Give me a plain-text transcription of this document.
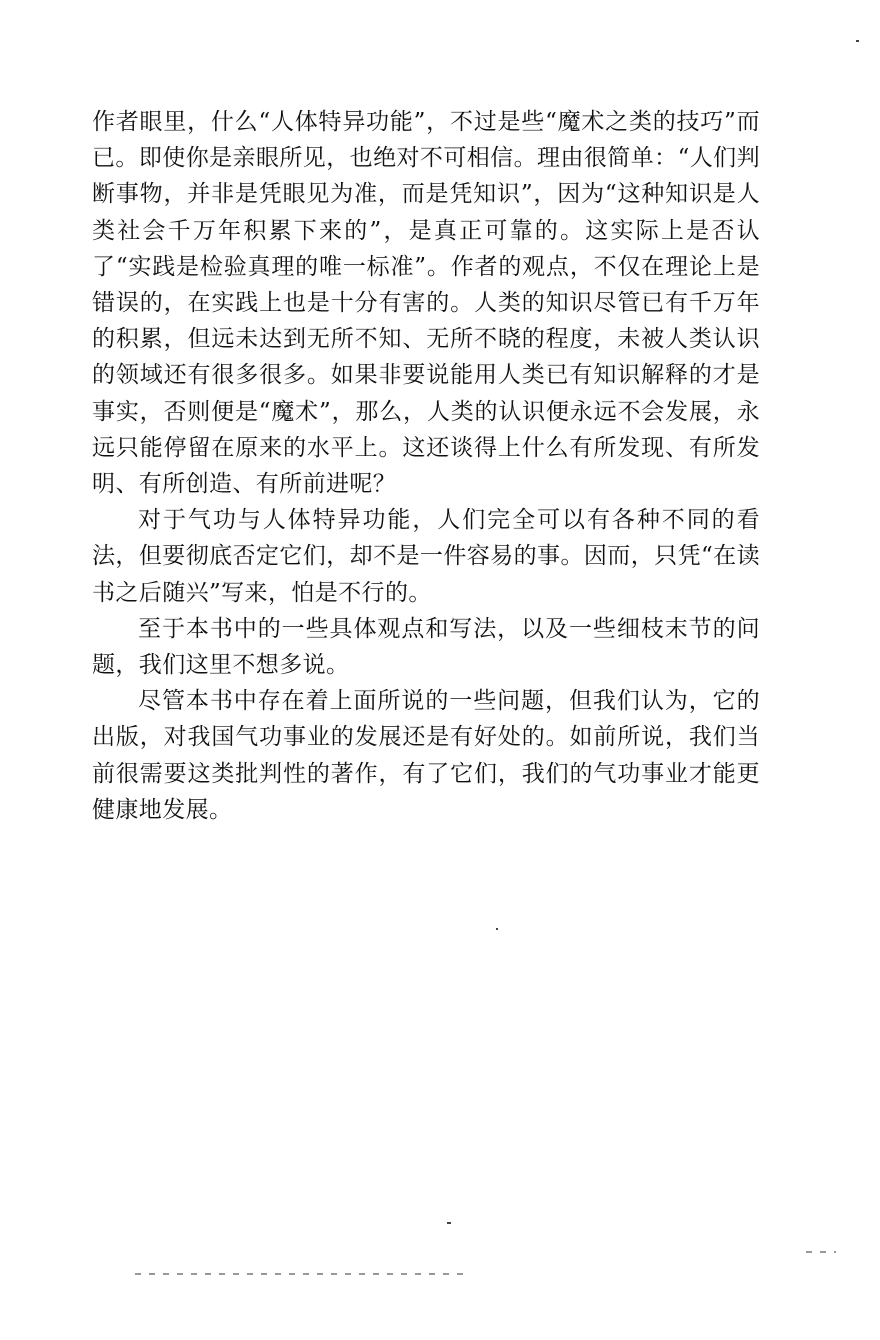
作者眼里，什么“人体特异功能”，不过是些“魔术之类的技巧”而已。即使你是亲眼所见，也绝对不可相信。理由很简单：“人们判断事物，并非是凭眼见为准，而是凭知识”，因为“这种知识是人类社会千万年积累下来的”，是真正可靠的。这实际上是否认了“实践是检验真理的唯一标准”。作者的观点，不仅在理论上是错误的，在实践上也是十分有害的。人类的知识尽管已有千万年的积累，但远未达到无所不知、无所不晓的程度，未被人类认识的领域还有很多很多。如果非要说能用人类已有知识解释的才是事实，否则便是“魔术”，那么，人类的认识便永远不会发展，永远只能停留在原来的水平上。这还谈得上什么有所发现、有所发明、有所创造、有所前进呢？

对于气功与人体特异功能，人们完全可以有各种不同的看法，但要彻底否定它们，却不是一件容易的事。因而，只凭“在读书之后随兴”写来，怕是不行的。

至于本书中的一些具体观点和写法，以及一些细枝末节的问题，我们这里不想多说。

尽管本书中存在着上面所说的一些问题，但我们认为，它的出版，对我国气功事业的发展还是有好处的。如前所说，我们当前很需要这类批判性的著作，有了它们，我们的气功事业才能更健康地发展。
